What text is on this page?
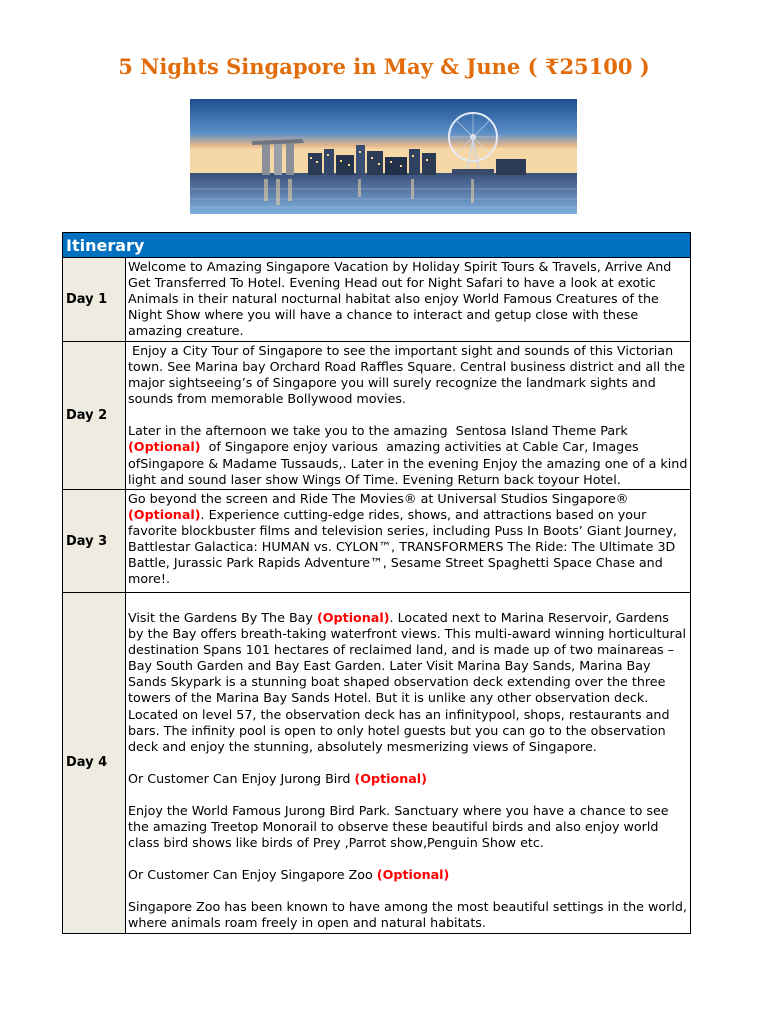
5 Nights Singapore in May & June ( ₹25100 )
Itinerary	
Day 1	Welcome to Amazing Singapore Vacation by Holiday Spirit Tours & Travels, Arrive And Get Transferred To Hotel. Evening Head out for Night Safari to have a look at exotic Animals in their natural nocturnal habitat also enjoy World Famous Creatures of the Night Show where you will have a chance to interact and getup close with these amazing creature.

Day 2	Enjoy a City Tour of Singapore to see the important sight and sounds of this Victorian town. See Marina bay Orchard Road Raffles Square. Central business district and all the major sightseeing’s of Singapore you will surely recognize the landmark sights and sounds from memorable Bollywood movies.

Later in the afternoon we take you to the amazing  Sentosa Island Theme Park (Optional)  of Singapore enjoy various  amazing activities at Cable Car, Images ofSingapore & Madame Tussauds,. Later in the evening Enjoy the amazing one of a kind light and sound laser show Wings Of Time. Evening Return back toyour Hotel.

Day 3	Go beyond the screen and Ride The Movies® at Universal Studios Singapore® (Optional). Experience cutting-edge rides, shows, and attractions based on your favorite blockbuster films and television series, including Puss In Boots’ Giant Journey, Battlestar Galactica: HUMAN vs. CYLON™, TRANSFORMERS The Ride: The Ultimate 3D Battle, Jurassic Park Rapids Adventure™, Sesame Street Spaghetti Space Chase and more!.

Day 4	Visit the Gardens By The Bay (Optional). Located next to Marina Reservoir, Gardens by the Bay offers breath-taking waterfront views. This multi-award winning horticultural destination Spans 101 hectares of reclaimed land, and is made up of two mainareas – Bay South Garden and Bay East Garden. Later Visit Marina Bay Sands, Marina Bay Sands Skypark is a stunning boat shaped observation deck extending over the three towers of the Marina Bay Sands Hotel. But it is unlike any other observation deck. Located on level 57, the observation deck has an infinitypool, shops, restaurants and bars. The infinity pool is open to only hotel guests but you can go to the observation deck and enjoy the stunning, absolutely mesmerizing views of Singapore.

Or Customer Can Enjoy Jurong Bird (Optional)

Enjoy the World Famous Jurong Bird Park. Sanctuary where you have a chance to see the amazing Treetop Monorail to observe these beautiful birds and also enjoy world class bird shows like birds of Prey ,Parrot show,Penguin Show etc.

Or Customer Can Enjoy Singapore Zoo (Optional)

Singapore Zoo has been known to have among the most beautiful settings in the world, where animals roam freely in open and natural habitats.
